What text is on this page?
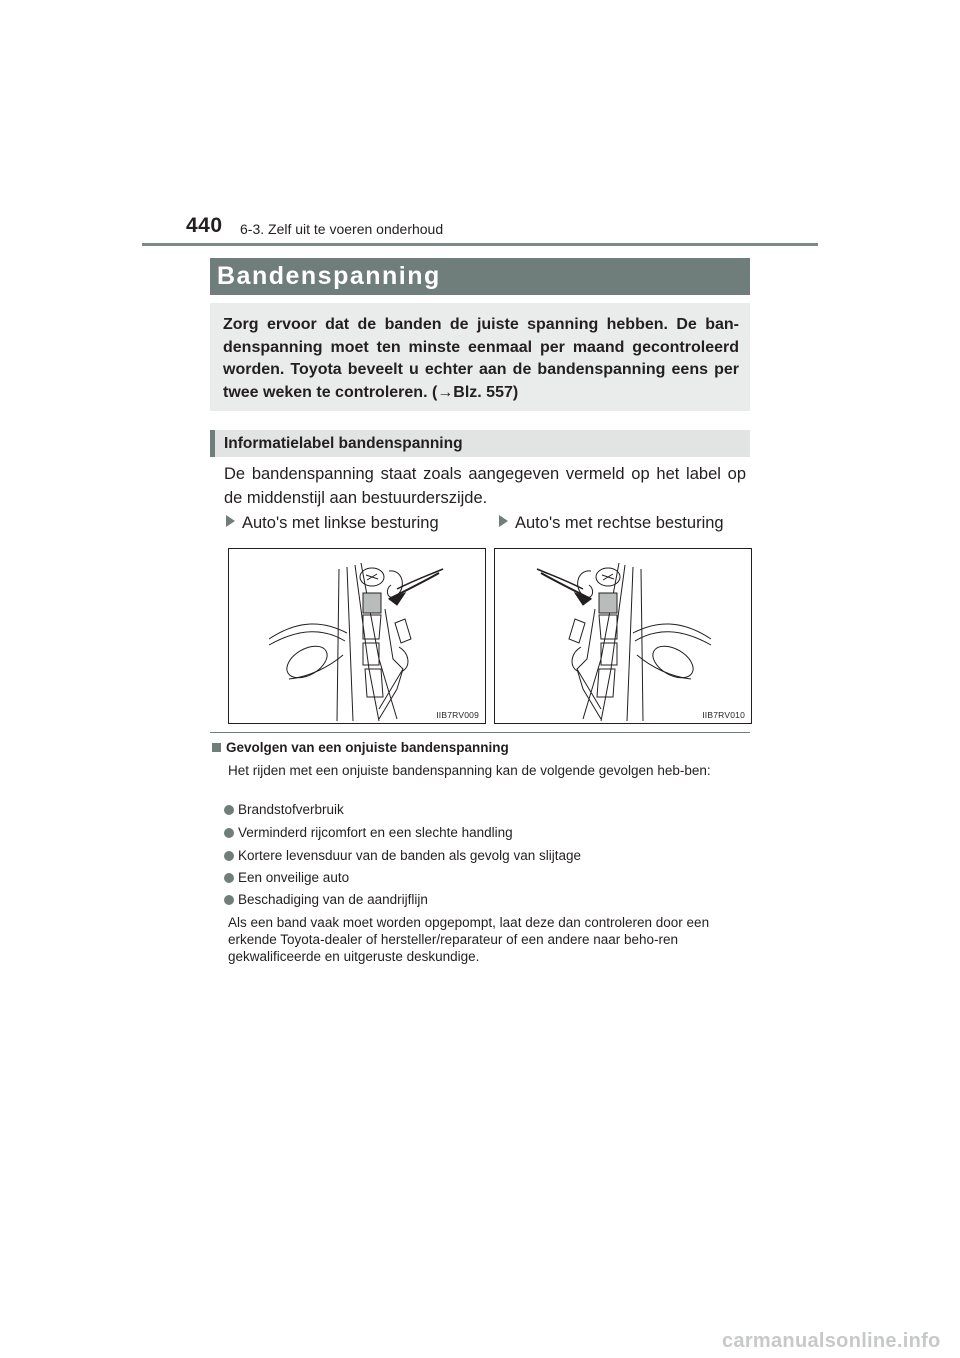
440 6-3. Zelf uit te voeren onderhoud
Bandenspanning
Zorg ervoor dat de banden de juiste spanning hebben. De ban-denspanning moet ten minste eenmaal per maand gecontroleerd worden. Toyota beveelt u echter aan de bandenspanning eens per twee weken te controleren. (→Blz. 557)
Informatielabel bandenspanning
De bandenspanning staat zoals aangegeven vermeld op het label op de middenstijl aan bestuurderszijde.
Auto's met linkse besturing	Auto's met rechtse besturing
IIB7RV009	IIB7RV010
Gevolgen van een onjuiste bandenspanning
Het rijden met een onjuiste bandenspanning kan de volgende gevolgen heb-ben:
Brandstofverbruik
Verminderd rijcomfort en een slechte handling
Kortere levensduur van de banden als gevolg van slijtage
Een onveilige auto
Beschadiging van de aandrijflijn
Als een band vaak moet worden opgepompt, laat deze dan controleren door een erkende Toyota-dealer of hersteller/reparateur of een andere naar beho-ren gekwalificeerde en uitgeruste deskundige.
carmanualsonline.info
